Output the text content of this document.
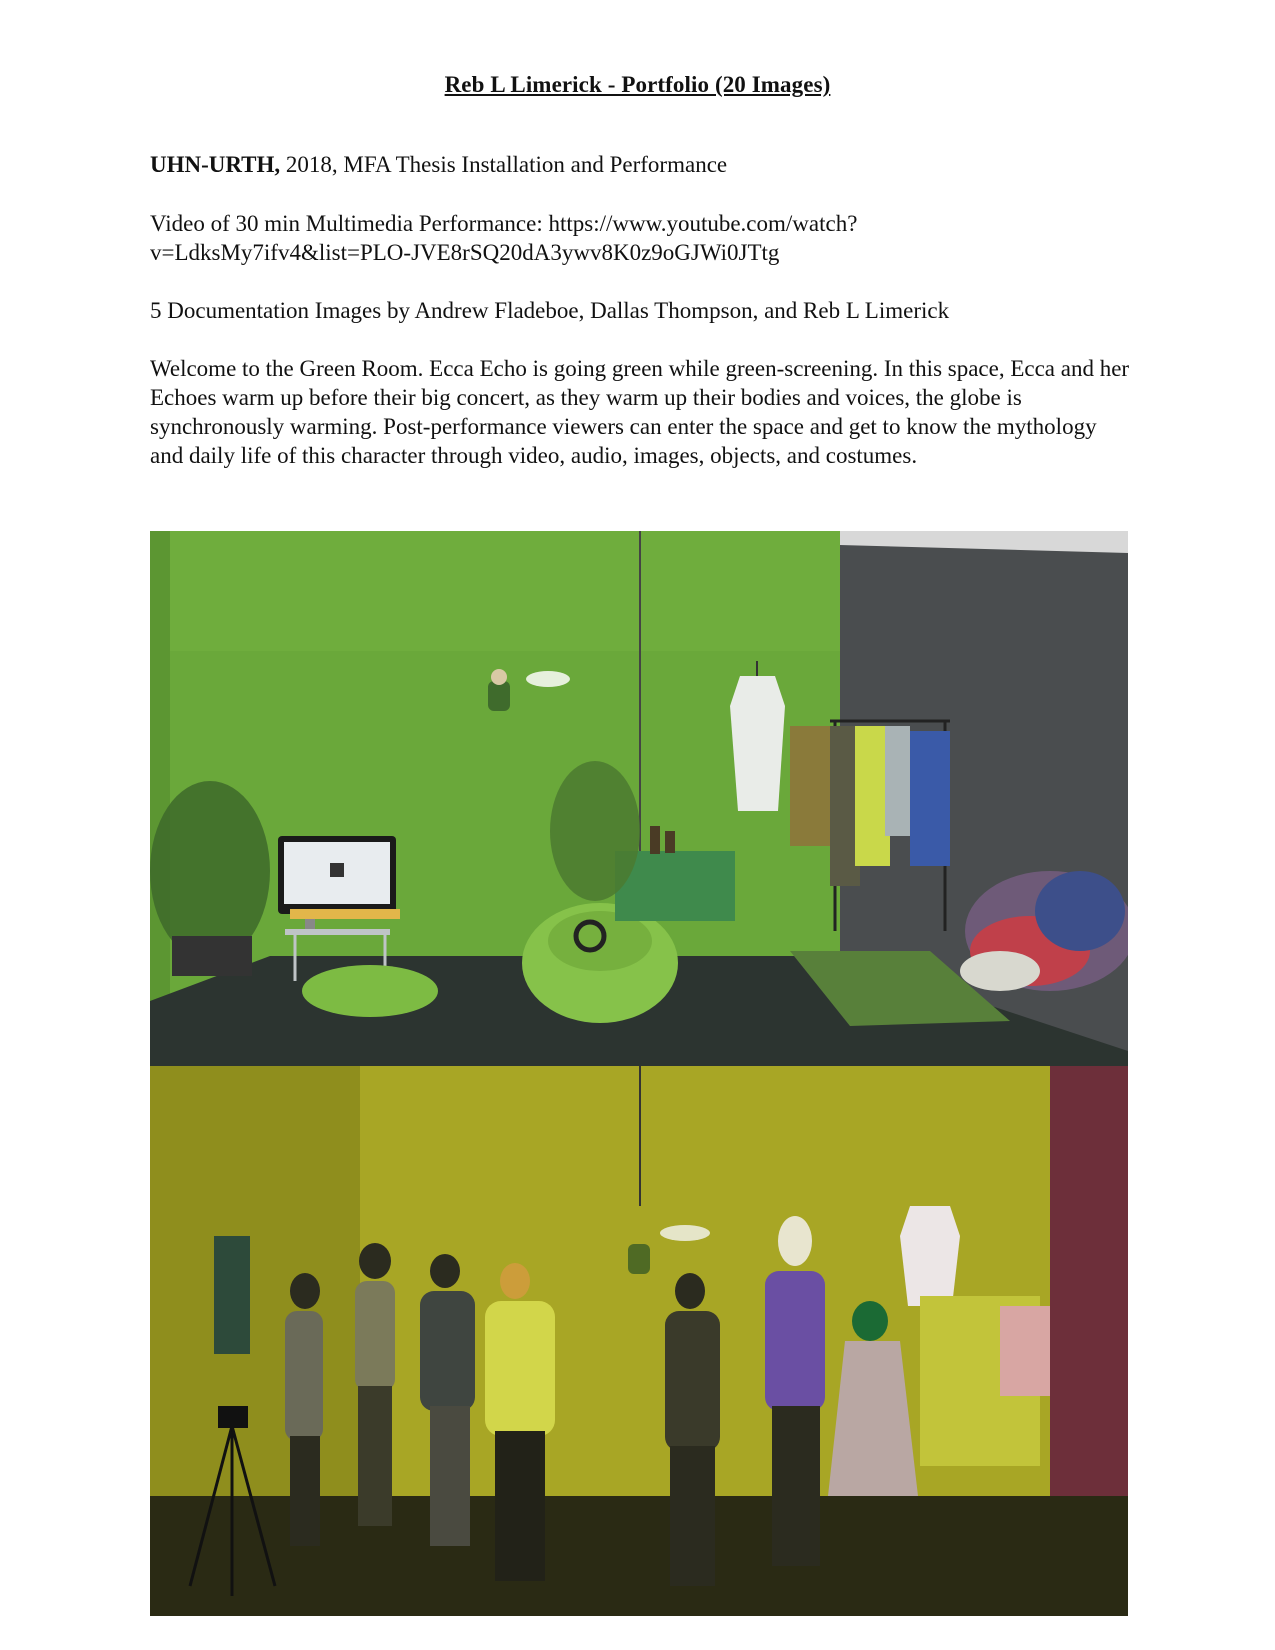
Reb L Limerick - Portfolio (20 Images)

UHN-URTH, 2018, MFA Thesis Installation and Performance

Video of 30 min Multimedia Performance: https://www.youtube.com/watch?
v=LdksMy7ifv4&list=PLO-JVE8rSQ20dA3ywv8K0z9oGJWi0JTtg

5 Documentation Images by Andrew Fladeboe, Dallas Thompson, and Reb L Limerick

Welcome to the Green Room. Ecca Echo is going green while green-screening. In this space, Ecca and her Echoes warm up before their big concert, as they warm up their bodies and voices, the globe is synchronously warming. Post-performance viewers can enter the space and get to know the mythology and daily life of this character through video, audio, images, objects, and costumes.
